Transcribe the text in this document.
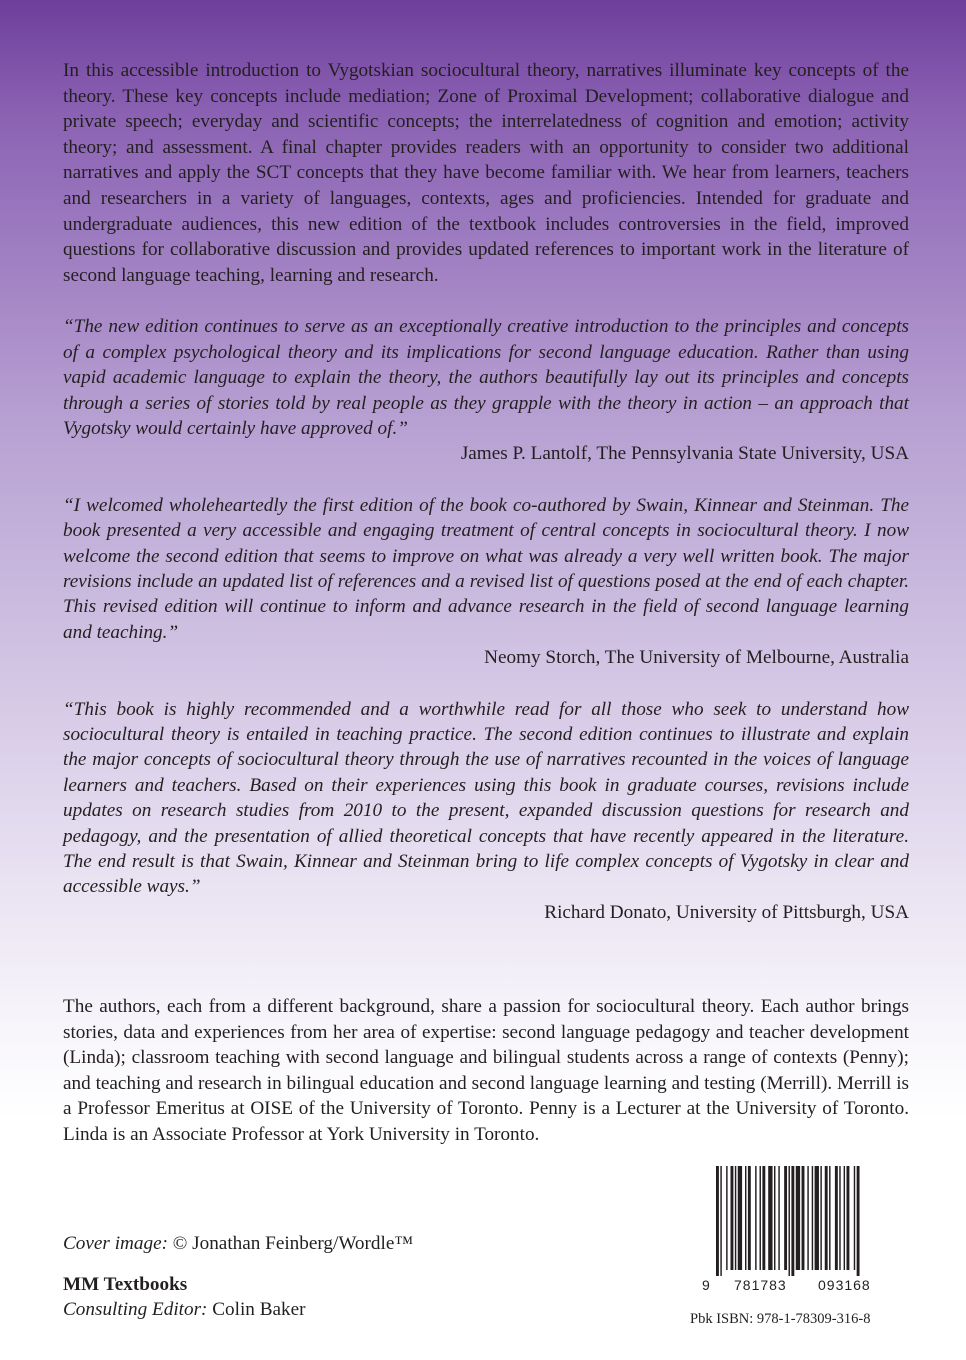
In this accessible introduction to Vygotskian sociocultural theory, narratives illuminate key concepts of the theory. These key concepts include mediation; Zone of Proximal Development; collaborative dialogue and private speech; everyday and scientific concepts; the interrelatedness of cognition and emotion; activity theory; and assessment. A final chapter provides readers with an opportunity to consider two additional narratives and apply the SCT concepts that they have become familiar with. We hear from learners, teachers and researchers in a variety of languages, contexts, ages and proficiencies. Intended for graduate and undergraduate audiences, this new edition of the textbook includes controversies in the field, improved questions for collaborative discussion and provides updated references to important work in the literature of second language teaching, learning and research.

“The new edition continues to serve as an exceptionally creative introduction to the principles and concepts of a complex psychological theory and its implications for second language education. Rather than using vapid academic language to explain the theory, the authors beautifully lay out its principles and concepts through a series of stories told by real people as they grapple with the theory in action – an approach that Vygotsky would certainly have approved of.”

James P. Lantolf, The Pennsylvania State University, USA

“I welcomed wholeheartedly the first edition of the book co-authored by Swain, Kinnear and Steinman. The book presented a very accessible and engaging treatment of central concepts in sociocultural theory. I now welcome the second edition that seems to improve on what was already a very well written book. The major revisions include an updated list of references and a revised list of questions posed at the end of each chapter. This revised edition will continue to inform and advance research in the field of second language learning and teaching.”

Neomy Storch, The University of Melbourne, Australia

“This book is highly recommended and a worthwhile read for all those who seek to understand how sociocultural theory is entailed in teaching practice. The second edition continues to illustrate and explain the major concepts of sociocultural theory through the use of narratives recounted in the voices of language learners and teachers. Based on their experiences using this book in graduate courses, revisions include updates on research studies from 2010 to the present, expanded discussion questions for research and pedagogy, and the presentation of allied theoretical concepts that have recently appeared in the literature. The end result is that Swain, Kinnear and Steinman bring to life complex concepts of Vygotsky in clear and accessible ways.”

Richard Donato, University of Pittsburgh, USA

The authors, each from a different background, share a passion for sociocultural theory. Each author brings stories, data and experiences from her area of expertise: second language pedagogy and teacher development (Linda); classroom teaching with second language and bilingual students across a range of contexts (Penny); and teaching and research in bilingual education and second language learning and testing (Merrill). Merrill is a Professor Emeritus at OISE of the University of Toronto. Penny is a Lecturer at the University of Toronto. Linda is an Associate Professor at York University in Toronto.

Cover image: © Jonathan Feinberg/Wordle™
MM Textbooks
Consulting Editor: Colin Baker
9 781783 093168
Pbk ISBN: 978-1-78309-316-8
